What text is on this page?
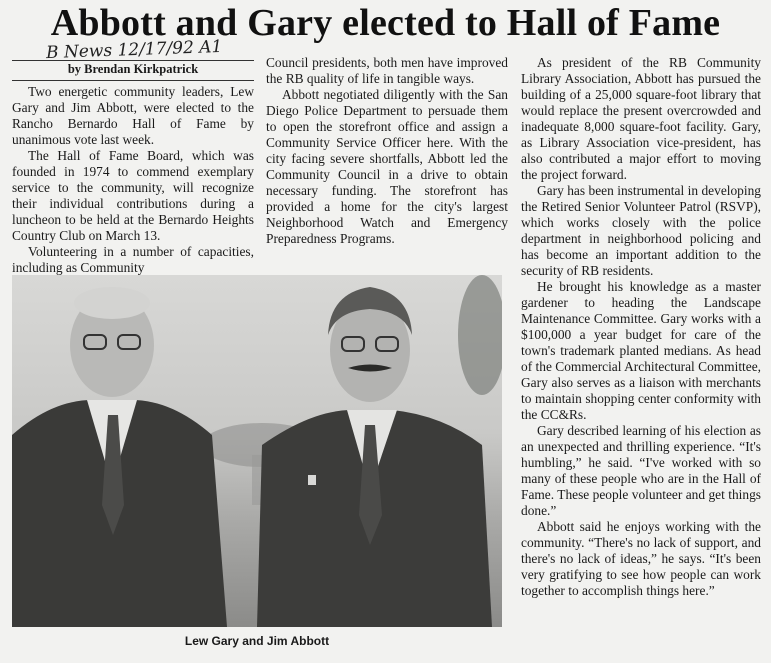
Abbott and Gary elected to Hall of Fame
B News 12/17/92 A1
by Brendan Kirkpatrick

Two energetic community leaders, Lew Gary and Jim Abbott, were elected to the Rancho Bernardo Hall of Fame by unanimous vote last week.

The Hall of Fame Board, which was founded in 1974 to commend exemplary service to the community, will recognize their individual contributions during a luncheon to be held at the Bernardo Heights Country Club on March 13.

Volunteering in a number of capacities, including as Community

Council presidents, both men have improved the RB quality of life in tangible ways.

Abbott negotiated diligently with the San Diego Police Department to persuade them to open the storefront office and assign a Community Service Officer here. With the city facing severe shortfalls, Abbott led the Community Council in a drive to obtain necessary funding. The storefront has provided a home for the city's largest Neighborhood Watch and Emergency Preparedness Programs.

As president of the RB Community Library Association, Abbott has pursued the building of a 25,000 square-foot library that would replace the present overcrowded and inadequate 8,000 square-foot facility. Gary, as Library Association vice-president, has also contributed a major effort to moving the project forward.

Gary has been instrumental in developing the Retired Senior Volunteer Patrol (RSVP), which works closely with the police department in neighborhood policing and has become an important addition to the security of RB residents.

He brought his knowledge as a master gardener to heading the Landscape Maintenance Committee. Gary works with a $100,000 a year budget for care of the town's trademark planted medians. As head of the Commercial Architectural Committee, Gary also serves as a liaison with merchants to maintain shopping center conformity with the CC&Rs.

Gary described learning of his election as an unexpected and thrilling experience. “It's humbling,” he said. “I've worked with so many of these people who are in the Hall of Fame. These people volunteer and get things done.”

Abbott said he enjoys working with the community. “There's no lack of support, and there's no lack of ideas,” he says. “It's been very gratifying to see how people can work together to accomplish things here.”

Lew Gary and Jim Abbott
